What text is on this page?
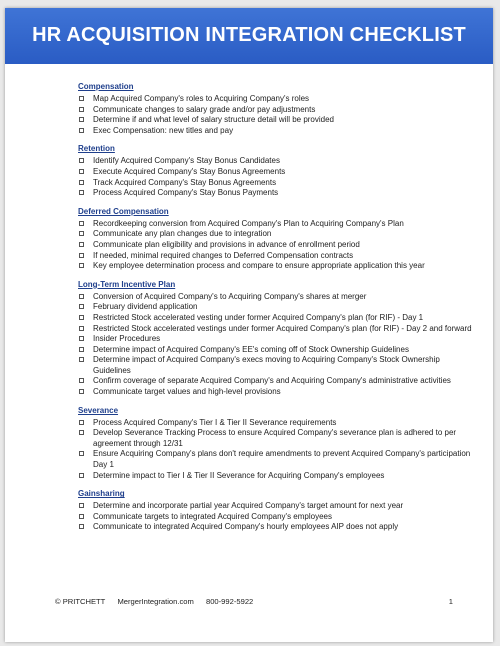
HR ACQUISITION INTEGRATION CHECKLIST
Compensation
Map Acquired Company's roles to Acquiring Company's roles
Communicate changes to salary grade and/or pay adjustments
Determine if and what level of salary structure detail will be provided
Exec Compensation: new titles and pay
Retention
Identify Acquired Company's Stay Bonus Candidates
Execute Acquired Company's Stay Bonus Agreements
Track Acquired Company's Stay Bonus Agreements
Process Acquired Company's Stay Bonus Payments
Deferred Compensation
Recordkeeping conversion from Acquired Company's Plan to Acquiring Company's Plan
Communicate any plan changes due to integration
Communicate plan eligibility and provisions in advance of enrollment period
If needed, minimal required changes to Deferred Compensation contracts
Key employee determination process and compare to ensure appropriate application this year
Long-Term Incentive Plan
Conversion of Acquired Company's to Acquiring Company's shares at merger
February dividend application
Restricted Stock accelerated vesting under former Acquired Company's plan (for RIF) - Day 1
Restricted Stock accelerated vestings under former Acquired Company's plan (for RIF) - Day 2 and forward
Insider Procedures
Determine impact of Acquired Company's EE's coming off of Stock Ownership Guidelines
Determine impact of Acquired Company's execs moving to Acquiring Company's Stock Ownership Guidelines
Confirm coverage of separate Acquired Company's and Acquiring Company's administrative activities
Communicate target values and high-level provisions
Severance
Process Acquired Company's Tier I & Tier II Severance requirements
Develop Severance Tracking Process to ensure Acquired Company's severance plan is adhered to per agreement through 12/31
Ensure Acquiring Company's plans don't require amendments to prevent Acquired Company's participation Day 1
Determine impact to Tier I & Tier II Severance for Acquiring Company's employees
Gainsharing
Determine and incorporate partial year Acquired Company's target amount for next year
Communicate targets to integrated Acquired Company's employees
Communicate to integrated Acquired Company's hourly employees AIP does not apply
© PRITCHETT MergerIntegration.com 800-992-5922	1
